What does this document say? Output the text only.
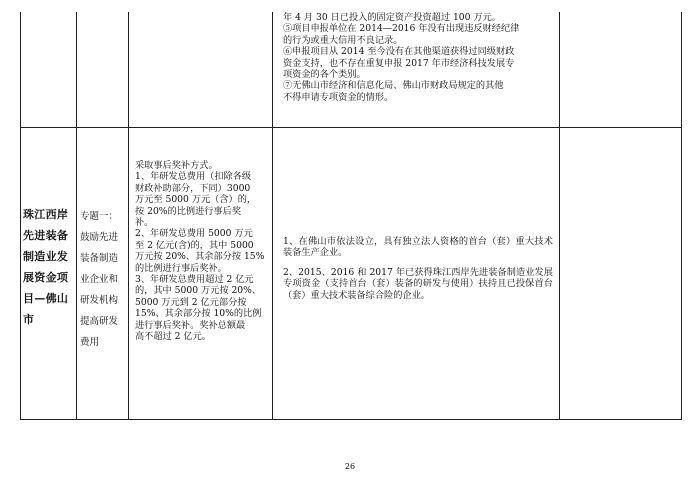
年 4 月 30 日已投入的固定资产投资超过 100 万元。
⑤项目申报单位在 2014—2016 年没有出现违反财经纪律
的行为或重大信用不良记录。
⑥申报项目从 2014 至今没有在其他渠道获得过同级财政
资金支持，也不存在重复申报 2017 年市经济科技发展专
项资金的各个类别。
⑦无佛山市经济和信息化局、佛山市财政局规定的其他
不得申请专项资金的情形。
珠江西岸
先进装备
制造业发
展资金项
目—佛山
市
专题一：
鼓励先进
装备制造
业企业和
研发机构
提高研发
费用
采取事后奖补方式。
1、年研发总费用（扣除各级
财政补助部分，下同）3000
万元至 5000 万元（含）的，
按 20%的比例进行事后奖
补。
2、年研发总费用 5000 万元
至 2 亿元(含)的，其中 5000
万元按 20%、其余部分按 15%
的比例进行事后奖补。
3、年研发总费用超过 2 亿元
的，其中 5000 万元按 20%、
5000 万元到 2 亿元部分按
15%、其余部分按 10%的比例
进行事后奖补。奖补总额最
高不超过 2 亿元。

1、在佛山市依法设立，具有独立法人资格的首台（套）重大技术装备生产企业。

2、2015、2016 和 2017 年已获得珠江西岸先进装备制造业发展专项资金（支持首台（套）装备的研发与使用）扶持且已投保首台（套）重大技术装备综合险的企业。

26
